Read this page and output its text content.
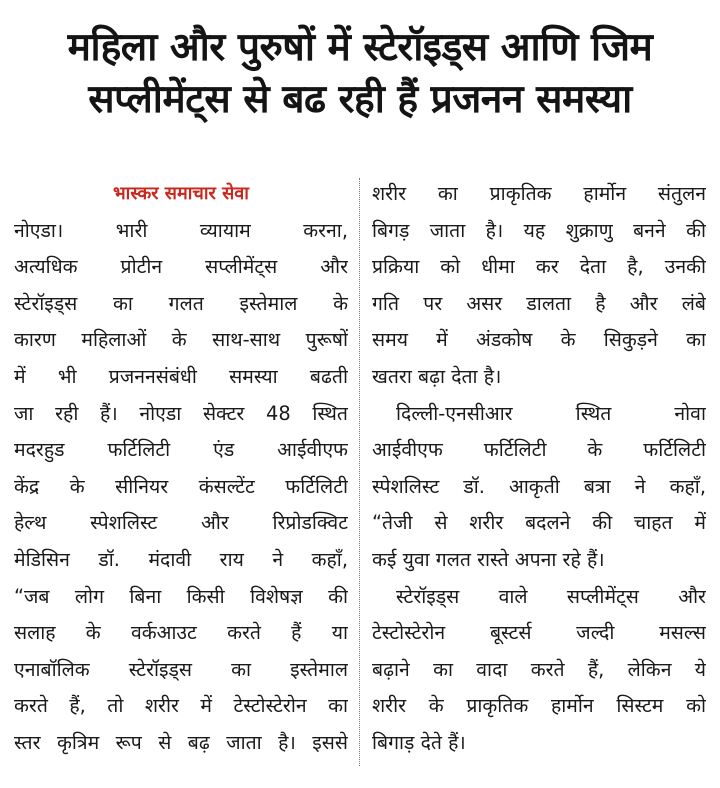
महिला और पुरुषों में स्टेरॉइड्स आणि जिम
सप्लीमेंट्स से बढ रही हैं प्रजनन समस्या
भास्कर समाचार सेवा

नोएडा। भारी व्यायाम करना,
अत्यधिक प्रोटीन सप्लीमेंट्स और
स्टेरॉइड्स का गलत इस्तेमाल के
कारण महिलाओं के साथ-साथ पुरूषों
में भी प्रजननसंबंधी समस्या बढती
जा रही हैं। नोएडा सेक्टर 48 स्थित
मदरहुड फर्टिलिटी एंड आईवीएफ
केंद्र के सीनियर कंसल्टेंट फर्टिलिटी
हेल्थ स्पेशलिस्ट और रिप्रोडक्विट
मेडिसिन डॉ. मंदावी राय ने कहाँ,
“जब लोग बिना किसी विशेषज्ञ की
सलाह के वर्कआउट करते हैं या
एनाबॉलिक स्टेरॉइड्स का इस्तेमाल
करते हैं, तो शरीर में टेस्टोस्टेरोन का
स्तर कृत्रिम रूप से बढ़ जाता है। इससे

शरीर का प्राकृतिक हार्मोन संतुलन
बिगड़ जाता है। यह शुक्राणु बनने की
प्रक्रिया को धीमा कर देता है, उनकी
गति पर असर डालता है और लंबे
समय में अंडकोष के सिकुड़ने का
खतरा बढ़ा देता है।

दिल्ली-एनसीआर स्थित नोवा
आईवीएफ फर्टिलिटी के फर्टिलिटी
स्पेशलिस्ट डॉ. आकृती बत्रा ने कहाँ,
“तेजी से शरीर बदलने की चाहत में
कई युवा गलत रास्ते अपना रहे हैं।

स्टेरॉइड्स वाले सप्लीमेंट्स और
टेस्टोस्टेरोन बूस्टर्स जल्दी मसल्स
बढ़ाने का वादा करते हैं, लेकिन ये
शरीर के प्राकृतिक हार्मोन सिस्टम को
बिगाड़ देते हैं।
